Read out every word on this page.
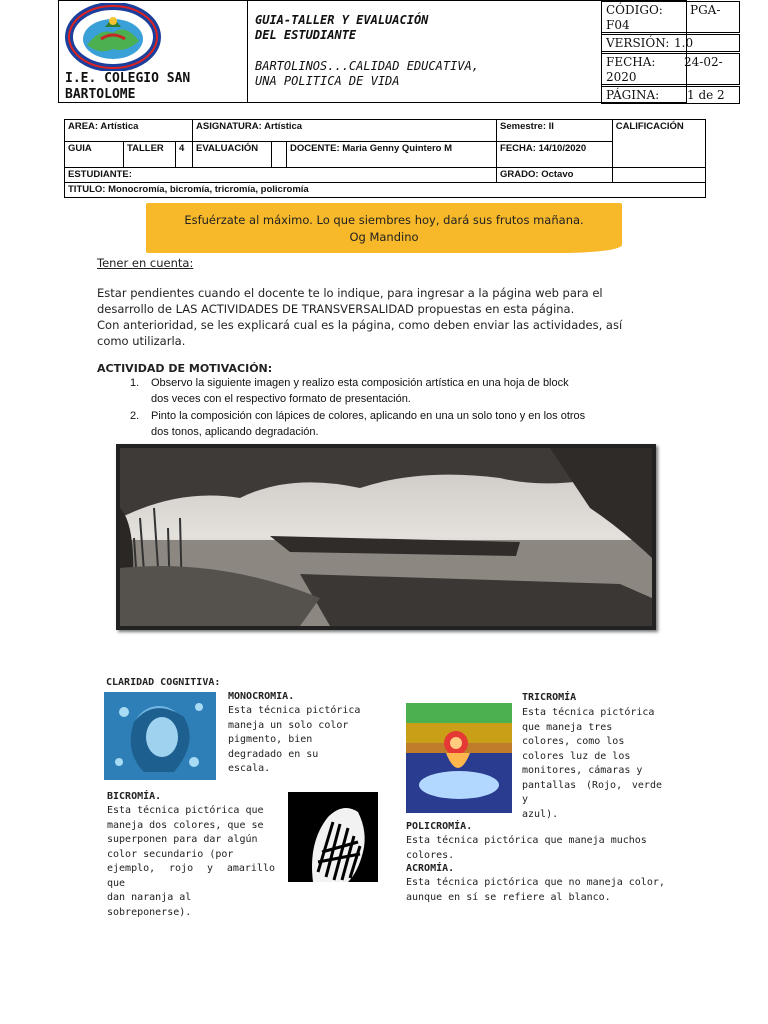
I.E. COLEGIO SAN
BARTOLOME
GUIA-TALLER Y EVALUACIÓN
DEL ESTUDIANTE
BARTOLINOS...CALIDAD EDUCATIVA,
UNA POLITICA DE VIDA
CÓDIGO: PGA-

F04
VERSIÓN: 1.0
FECHA: 24-02-

2020
PÁGINA: 1 de 2
AREA: Artística			ASIGNATURA: Artística			Semestre: II	CALIFICACIÓN
GUIA	TALLER	4	EVALUACIÓN		DOCENTE: Maria Genny Quintero M	FECHA: 14/10/2020	
ESTUDIANTE:						GRADO: Octavo	
TITULO: Monocromía, bicromía, tricromía, policromía							
Esfuérzate al máximo. Lo que siembres hoy, dará sus frutos mañana.
Og Mandino
Tener en cuenta:
Estar pendientes cuando el docente te lo indique, para ingresar a la página web para el
desarrollo de LAS ACTIVIDADES DE TRANSVERSALIDAD propuestas en esta página.
Con anterioridad, se les explicará cual es la página, como deben enviar las actividades, así
como utilizarla.
ACTIVIDAD DE MOTIVACIÓN:
1. Observo la siguiente imagen y realizo esta composición artística en una hoja de block
dos veces con el respectivo formato de presentación.
2. Pinto la composición con lápices de colores, aplicando en una un solo tono y en los otros
dos tonos, aplicando degradación.
CLARIDAD COGNITIVA:
MONOCROMIA.
Esta técnica pictórica
maneja un solo color
pigmento, bien
degradado en su
escala.
BICROMÍA.
Esta técnica pictórica que
maneja dos colores, que se
superponen para dar algún
color secundario (por
ejemplo, rojo y amarillo que
dan naranja al
sobreponerse).
TRICROMÍA
Esta técnica pictórica
que maneja tres
colores, como los
colores luz de los
monitores, cámaras y
pantallas (Rojo, verde y
azul).
POLICROMÍA.
Esta técnica pictórica que maneja muchos
colores.
ACROMÍA.
Esta técnica pictórica que no maneja color,
aunque en sí se refiere al blanco.
